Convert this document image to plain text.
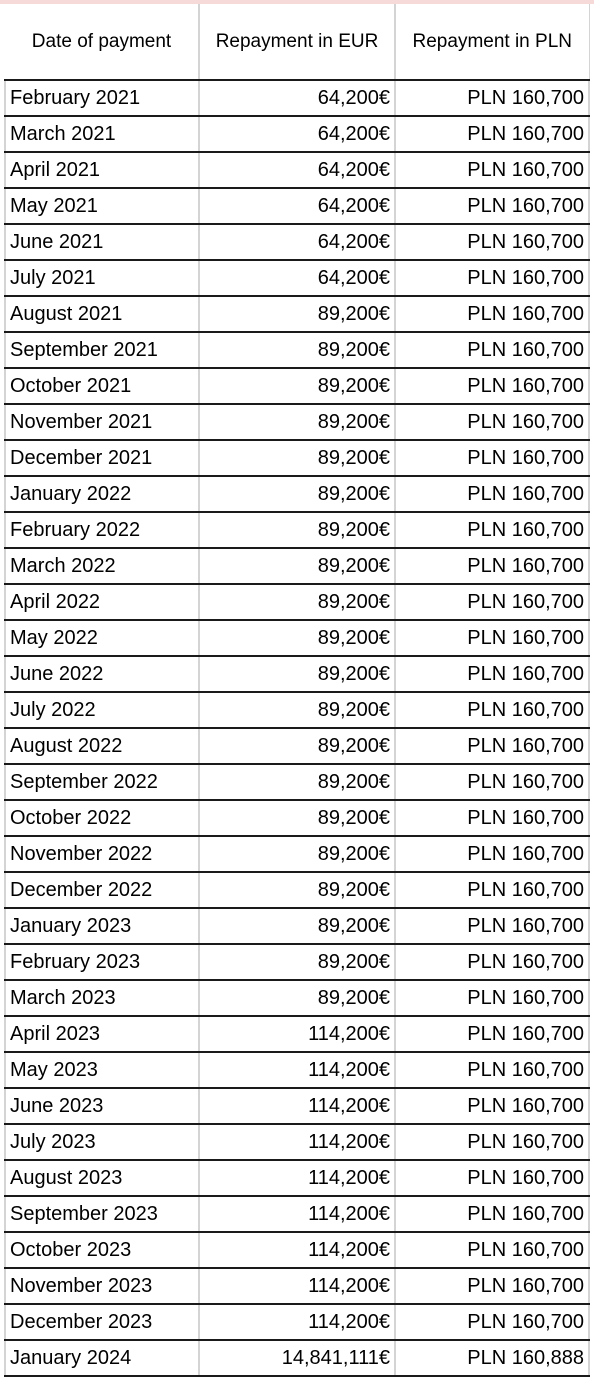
Date of payment	Repayment in EUR	Repayment in PLN
February 2021	64,200€	PLN 160,700
March 2021	64,200€	PLN 160,700
April 2021	64,200€	PLN 160,700
May 2021	64,200€	PLN 160,700
June 2021	64,200€	PLN 160,700
July 2021	64,200€	PLN 160,700
August 2021	89,200€	PLN 160,700
September 2021	89,200€	PLN 160,700
October 2021	89,200€	PLN 160,700
November 2021	89,200€	PLN 160,700
December 2021	89,200€	PLN 160,700
January 2022	89,200€	PLN 160,700
February 2022	89,200€	PLN 160,700
March 2022	89,200€	PLN 160,700
April 2022	89,200€	PLN 160,700
May 2022	89,200€	PLN 160,700
June 2022	89,200€	PLN 160,700
July 2022	89,200€	PLN 160,700
August 2022	89,200€	PLN 160,700
September 2022	89,200€	PLN 160,700
October 2022	89,200€	PLN 160,700
November 2022	89,200€	PLN 160,700
December 2022	89,200€	PLN 160,700
January 2023	89,200€	PLN 160,700
February 2023	89,200€	PLN 160,700
March 2023	89,200€	PLN 160,700
April 2023	114,200€	PLN 160,700
May 2023	114,200€	PLN 160,700
June 2023	114,200€	PLN 160,700
July 2023	114,200€	PLN 160,700
August 2023	114,200€	PLN 160,700
September 2023	114,200€	PLN 160,700
October 2023	114,200€	PLN 160,700
November 2023	114,200€	PLN 160,700
December 2023	114,200€	PLN 160,700
January 2024	14,841,111€	PLN 160,888
